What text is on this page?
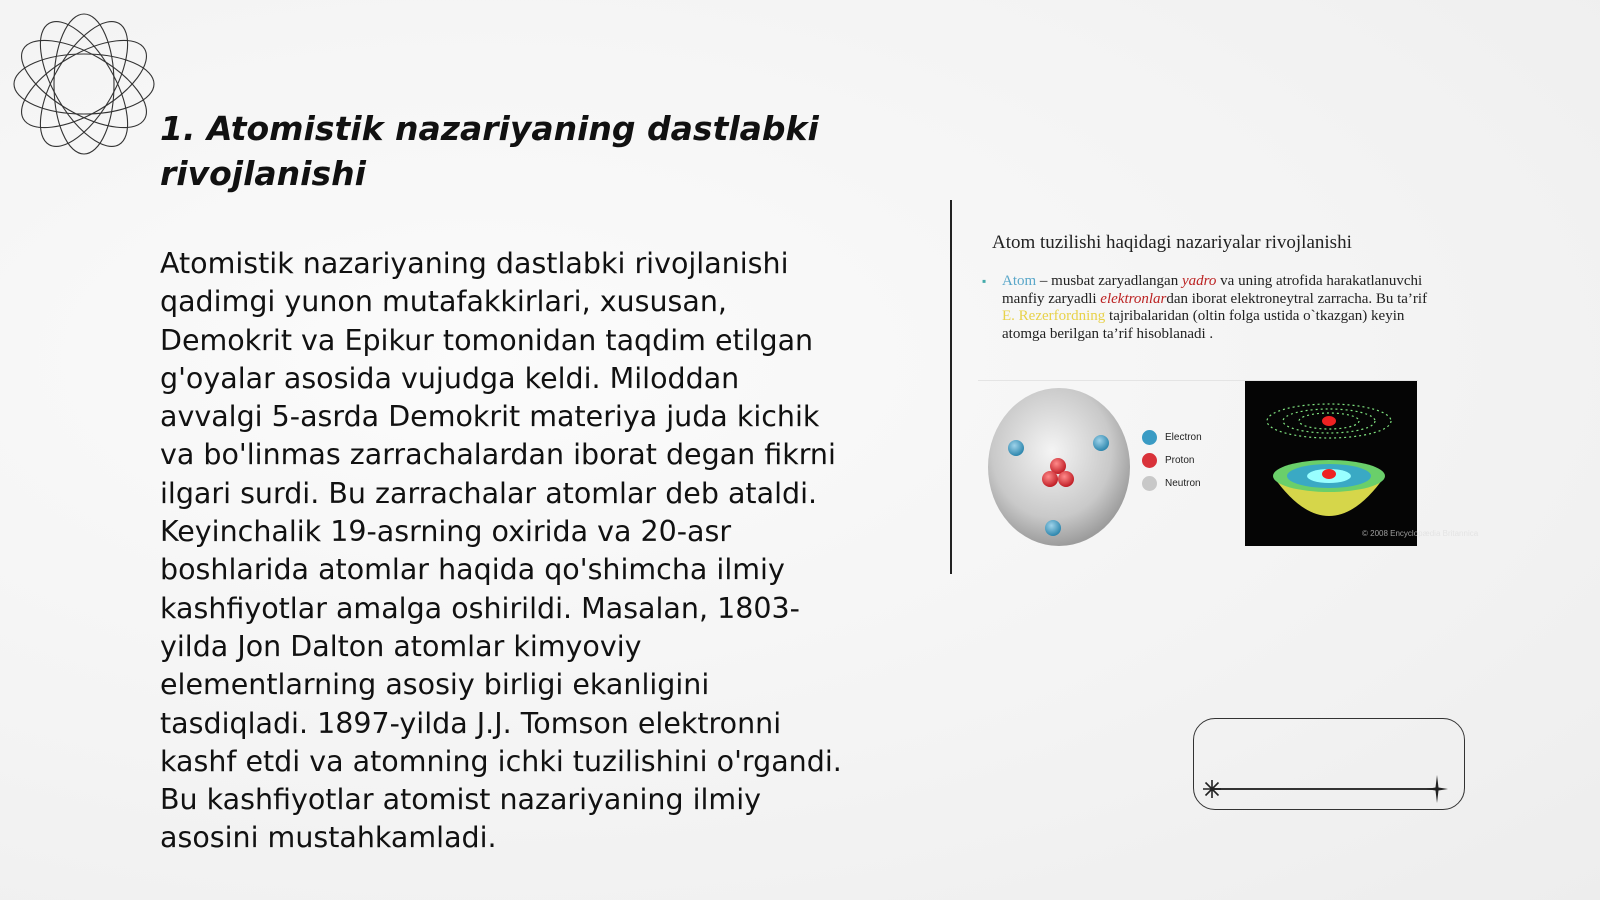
1. Atomistik nazariyaning dastlabki rivojlanishi

Atomistik nazariyaning dastlabki rivojlanishi qadimgi yunon mutafakkirlari, xususan, Demokrit va Epikur tomonidan taqdim etilgan g'oyalar asosida vujudga keldi. Miloddan avvalgi 5-asrda Demokrit materiya juda kichik va bo'linmas zarrachalardan iborat degan fikrni ilgari surdi. Bu zarrachalar atomlar deb ataldi. Keyinchalik 19-asrning oxirida va 20-asr boshlarida atomlar haqida qo'shimcha ilmiy kashfiyotlar amalga oshirildi. Masalan, 1803-yilda Jon Dalton atomlar kimyoviy elementlarning asosiy birligi ekanligini tasdiqladi. 1897-yilda J.J. Tomson elektronni kashf etdi va atomning ichki tuzilishini o'rgandi. Bu kashfiyotlar atomist nazariyaning ilmiy asosini mustahkamladi.

Atom tuzilishi haqidagi nazariyalar rivojlanishi
▪ Atom – musbat zaryadlangan yadro va uning atrofida harakatlanuvchi manfiy zaryadli elektronlardan iborat elektroneytral zarracha. Bu ta’rif E. Rezerfordning tajribalaridan (oltin folga ustida o`tkazgan) keyin atomga berilgan ta’rif hisoblanadi .
Electron
Proton
Neutron
© 2008 Encyclopædia Britannica
